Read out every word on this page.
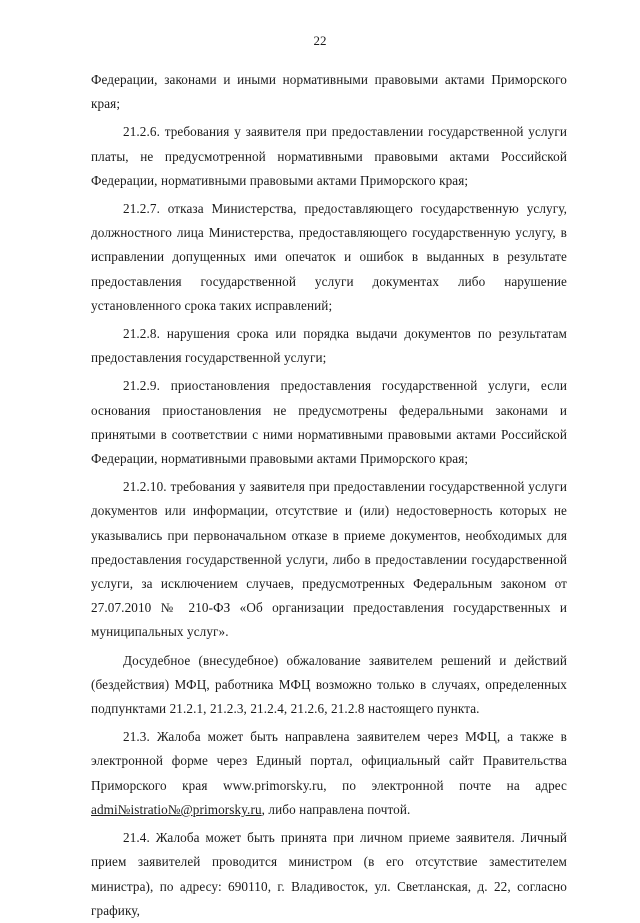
22

Федерации, законами и иными нормативными правовыми актами Приморского края;

21.2.6. требования у заявителя при предоставлении государственной услуги платы, не предусмотренной нормативными правовыми актами Российской Федерации, нормативными правовыми актами Приморского края;

21.2.7. отказа Министерства, предоставляющего государственную услугу, должностного лица Министерства, предоставляющего государственную услугу, в исправлении допущенных ими опечаток и ошибок в выданных в результате предоставления государственной услуги документах либо нарушение установленного срока таких исправлений;

21.2.8. нарушения срока или порядка выдачи документов по результатам предоставления государственной услуги;

21.2.9. приостановления предоставления государственной услуги, если основания приостановления не предусмотрены федеральными законами и принятыми в соответствии с ними нормативными правовыми актами Российской Федерации, нормативными правовыми актами Приморского края;

21.2.10. требования у заявителя при предоставлении государственной услуги документов или информации, отсутствие и (или) недостоверность которых не указывались при первоначальном отказе в приеме документов, необходимых для предоставления государственной услуги, либо в предоставлении государственной услуги, за исключением случаев, предусмотренных Федеральным законом от 27.07.2010 № 210-ФЗ «Об организации предоставления государственных и муниципальных услуг».

Досудебное (внесудебное) обжалование заявителем решений и действий (бездействия) МФЦ, работника МФЦ возможно только в случаях, определенных подпунктами 21.2.1, 21.2.3, 21.2.4, 21.2.6, 21.2.8 настоящего пункта.

21.3. Жалоба может быть направлена заявителем через МФЦ, а также в электронной форме через Единый портал, официальный сайт Правительства Приморского края www.primorsky.ru, по электронной почте на адрес admi№istratio№@primorsky.ru, либо направлена почтой.

21.4. Жалоба может быть принята при личном приеме заявителя. Личный прием заявителей проводится министром (в его отсутствие заместителем министра), по адресу: 690110, г. Владивосток, ул. Светланская, д. 22, согласно графику,
